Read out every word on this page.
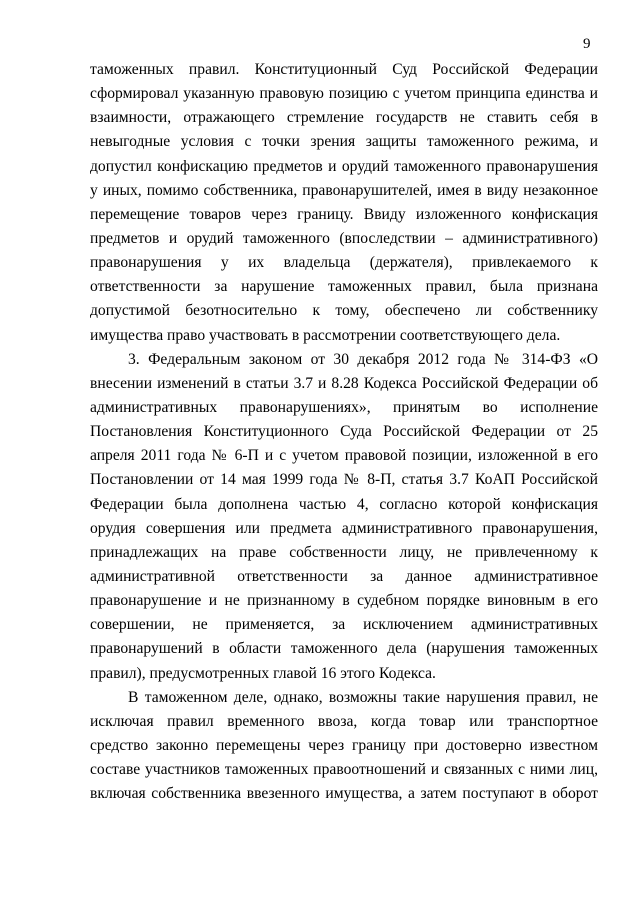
9
таможенных правил. Конституционный Суд Российской Федерации
сформировал указанную правовую позицию с учетом принципа единства и
взаимности, отражающего стремление государств не ставить себя в
невыгодные условия с точки зрения защиты таможенного режима, и
допустил конфискацию предметов и орудий таможенного правонарушения
у иных, помимо собственника, правонарушителей, имея в виду незаконное
перемещение товаров через границу. Ввиду изложенного конфискация
предметов и орудий таможенного (впоследствии – административного)
правонарушения у их владельца (держателя), привлекаемого к
ответственности за нарушение таможенных правил, была признана
допустимой безотносительно к тому, обеспечено ли собственнику
имущества право участвовать в рассмотрении соответствующего дела.
3. Федеральным законом от 30 декабря 2012 года № 314-ФЗ «О
внесении изменений в статьи 3.7 и 8.28 Кодекса Российской Федерации об
административных правонарушениях», принятым во исполнение
Постановления Конституционного Суда Российской Федерации от 25
апреля 2011 года № 6-П и с учетом правовой позиции, изложенной в его
Постановлении от 14 мая 1999 года № 8-П, статья 3.7 КоАП Российской
Федерации была дополнена частью 4, согласно которой конфискация
орудия совершения или предмета административного правонарушения,
принадлежащих на праве собственности лицу, не привлеченному к
административной ответственности за данное административное
правонарушение и не признанному в судебном порядке виновным в его
совершении, не применяется, за исключением административных
правонарушений в области таможенного дела (нарушения таможенных
правил), предусмотренных главой 16 этого Кодекса.
В таможенном деле, однако, возможны такие нарушения правил, не
исключая правил временного ввоза, когда товар или транспортное
средство законно перемещены через границу при достоверно известном
составе участников таможенных правоотношений и связанных с ними лиц,
включая собственника ввезенного имущества, а затем поступают в оборот
